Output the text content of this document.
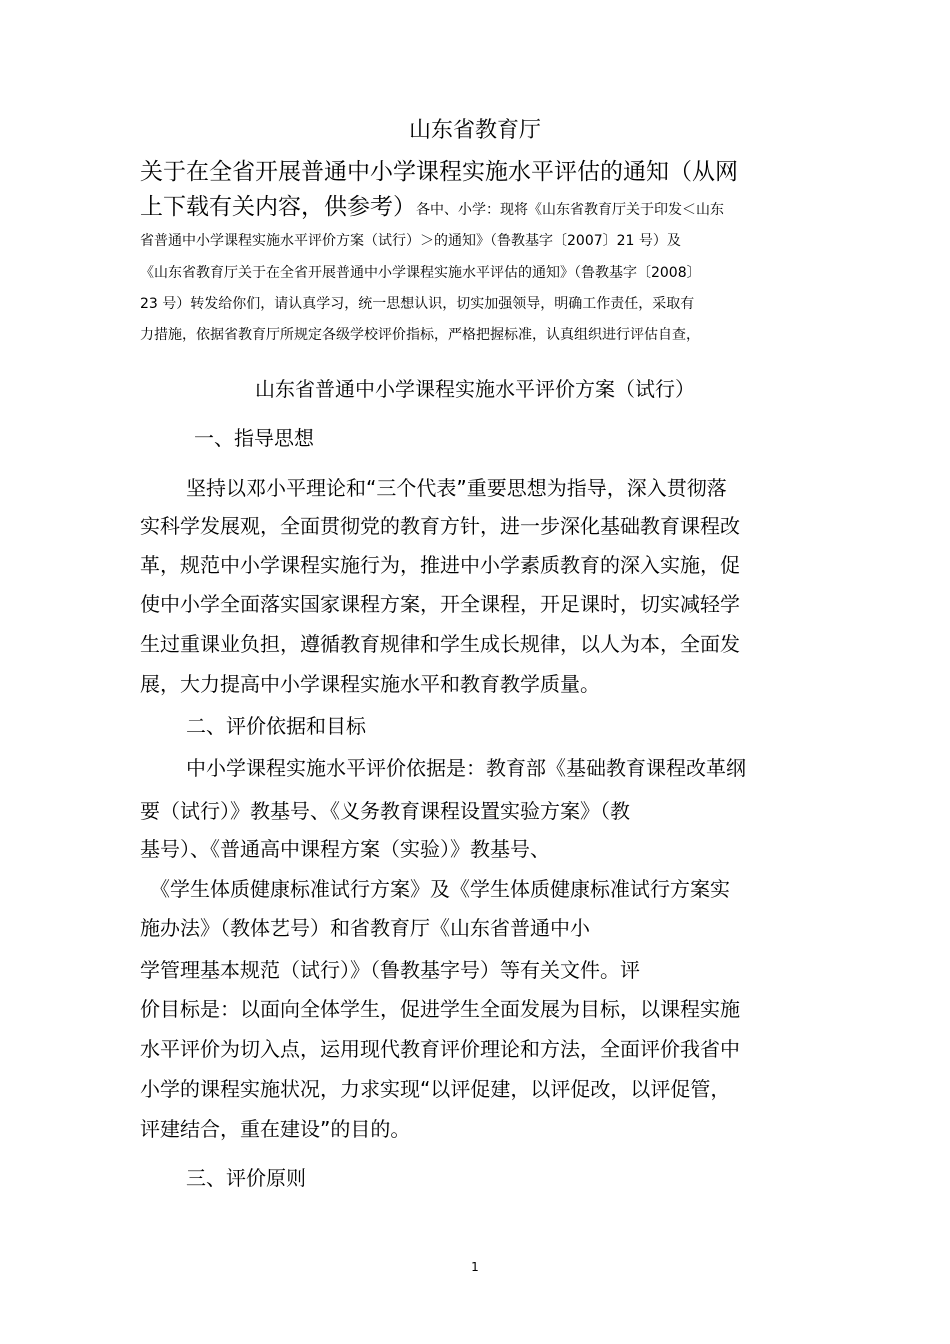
山东省教育厅
关于在全省开展普通中小学课程实施水平评估的通知（从网
上下载有关内容，供参考）各中、小学：现将《山东省教育厅关于印发＜山东
省普通中小学课程实施水平评价方案（试行）＞的通知》（鲁教基字〔2007〕21 号）及
《山东省教育厅关于在全省开展普通中小学课程实施水平评估的通知》（鲁教基字〔2008〕
23 号）转发给你们，请认真学习，统一思想认识，切实加强领导，明确工作责任，采取有
力措施，依据省教育厅所规定各级学校评价指标，严格把握标准，认真组织进行评估自查，
山东省普通中小学课程实施水平评价方案（试行）
一、指导思想
坚持以邓小平理论和“三个代表”重要思想为指导，深入贯彻落
实科学发展观，全面贯彻党的教育方针，进一步深化基础教育课程改
革，规范中小学课程实施行为，推进中小学素质教育的深入实施，促
使中小学全面落实国家课程方案，开全课程，开足课时，切实减轻学
生过重课业负担，遵循教育规律和学生成长规律，以人为本，全面发
展，大力提高中小学课程实施水平和教育教学质量。
二、评价依据和目标
中小学课程实施水平评价依据是：教育部《基础教育课程改革纲
要（试行）》教基号、《义务教育课程设置实验方案》（教
基号）、《普通高中课程方案（实验）》教基号、
《学生体质健康标准试行方案》及《学生体质健康标准试行方案实
施办法》（教体艺号）和省教育厅《山东省普通中小
学管理基本规范（试行）》（鲁教基字号）等有关文件。评
价目标是：以面向全体学生，促进学生全面发展为目标，以课程实施
水平评价为切入点，运用现代教育评价理论和方法，全面评价我省中
小学的课程实施状况，力求实现“以评促建，以评促改，以评促管，
评建结合，重在建设”的目的。
三、评价原则
1
